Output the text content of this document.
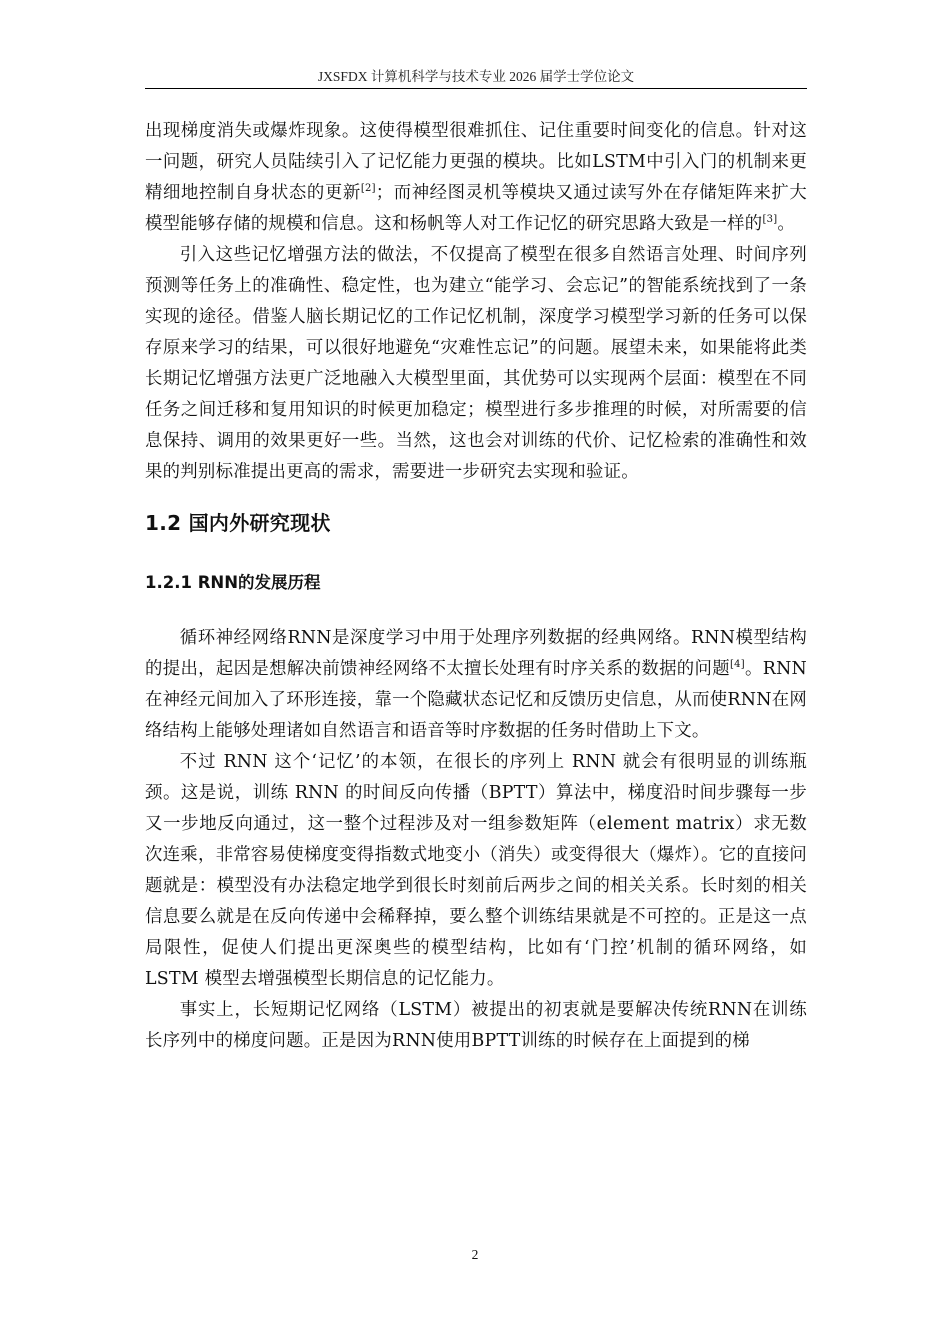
JXSFDX 计算机科学与技术专业 2026 届学士学位论文

出现梯度消失或爆炸现象。这使得模型很难抓住、记住重要时间变化的信息。针对这一问题，研究人员陆续引入了记忆能力更强的模块。比如LSTM中引入门的机制来更精细地控制自身状态的更新[2]；而神经图灵机等模块又通过读写外在存储矩阵来扩大模型能够存储的规模和信息。这和杨帆等人对工作记忆的研究思路大致是一样的[3]。

引入这些记忆增强方法的做法，不仅提高了模型在很多自然语言处理、时间序列预测等任务上的准确性、稳定性，也为建立“能学习、会忘记”的智能系统找到了一条实现的途径。借鉴人脑长期记忆的工作记忆机制，深度学习模型学习新的任务可以保存原来学习的结果，可以很好地避免“灾难性忘记”的问题。展望未来，如果能将此类长期记忆增强方法更广泛地融入大模型里面，其优势可以实现两个层面：模型在不同任务之间迁移和复用知识的时候更加稳定；模型进行多步推理的时候，对所需要的信息保持、调用的效果更好一些。当然，这也会对训练的代价、记忆检索的准确性和效果的判别标准提出更高的需求，需要进一步研究去实现和验证。

1.2 国内外研究现状
1.2.1 RNN的发展历程

循环神经网络RNN是深度学习中用于处理序列数据的经典网络。RNN模型结构的提出，起因是想解决前馈神经网络不太擅长处理有时序关系的数据的问题[4]。RNN在神经元间加入了环形连接，靠一个隐藏状态记忆和反馈历史信息，从而使RNN在网络结构上能够处理诸如自然语言和语音等时序数据的任务时借助上下文。

不过 RNN 这个‘记忆’的本领，在很长的序列上 RNN 就会有很明显的训练瓶颈。这是说，训练 RNN 的时间反向传播（BPTT）算法中，梯度沿时间步骤每一步又一步地反向通过，这一整个过程涉及对一组参数矩阵（element matrix）求无数次连乘，非常容易使梯度变得指数式地变小（消失）或变得很大（爆炸）。它的直接问题就是：模型没有办法稳定地学到很长时刻前后两步之间的相关关系。长时刻的相关信息要么就是在反向传递中会稀释掉，要么整个训练结果就是不可控的。正是这一点局限性，促使人们提出更深奥些的模型结构，比如有‘门控’机制的循环网络，如 LSTM 模型去增强模型长期信息的记忆能力。

事实上，长短期记忆网络（LSTM）被提出的初衷就是要解决传统RNN在训练长序列中的梯度问题。正是因为RNN使用BPTT训练的时候存在上面提到的梯

2
